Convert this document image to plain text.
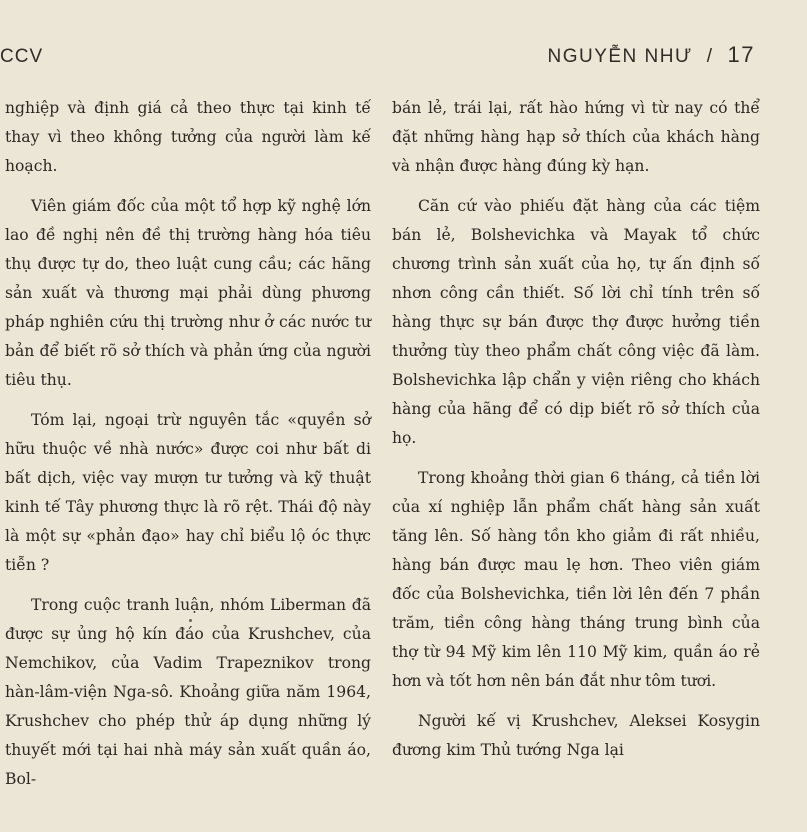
CCV	NGUYỄN NHƯ / 17

nghiệp và định giá cả theo thực tại kinh tế thay vì theo không tưởng của người làm kế hoạch.

Viên giám đốc của một tổ hợp kỹ nghệ lớn lao đề nghị nên đề thị trường hàng hóa tiêu thụ được tự do, theo luật cung cầu; các hãng sản xuất và thương mại phải dùng phương pháp nghiên cứu thị trường như ở các nước tư bản để biết rõ sở thích và phản ứng của người tiêu thụ.

Tóm lại, ngoại trừ nguyên tắc «quyền sở hữu thuộc về nhà nước» được coi như bất di bất dịch, việc vay mượn tư tưởng và kỹ thuật kinh tế Tây phương thực là rõ rệt. Thái độ này là một sự «phản đạo» hay chỉ biểu lộ óc thực tiễn ?

Trong cuộc tranh luận, nhóm Liberman đã được sự ủng hộ kín đáo của Krushchev, của Nemchikov, của Vadim Trapeznikov trong hàn-lâm-viện Nga-sô. Khoảng giữa năm 1964, Krushchev cho phép thử áp dụng những lý thuyết mới tại hai nhà máy sản xuất quần áo, Bol-

bán lẻ, trái lại, rất hào hứng vì từ nay có thể đặt những hàng hạp sở thích của khách hàng và nhận được hàng đúng kỳ hạn.

Căn cứ vào phiếu đặt hàng của các tiệm bán lẻ, Bolshevichka và Mayak tổ chức chương trình sản xuất của họ, tự ấn định số nhơn công cần thiết. Số lời chỉ tính trên số hàng thực sự bán được thợ được hưởng tiền thưởng tùy theo phẩm chất công việc đã làm. Bolshevichka lập chẩn y viện riêng cho khách hàng của hãng để có dịp biết rõ sở thích của họ.

Trong khoảng thời gian 6 tháng, cả tiền lời của xí nghiệp lẫn phẩm chất hàng sản xuất tăng lên. Số hàng tồn kho giảm đi rất nhiều, hàng bán được mau lẹ hơn. Theo viên giám đốc của Bolshevichka, tiền lời lên đến 7 phần trăm, tiền công hàng tháng trung bình của thợ từ 94 Mỹ kim lên 110 Mỹ kim, quần áo rẻ hơn và tốt hơn nên bán đắt như tôm tươi.

Người kế vị Krushchev, Aleksei Kosygin đương kim Thủ tướng Nga lại
